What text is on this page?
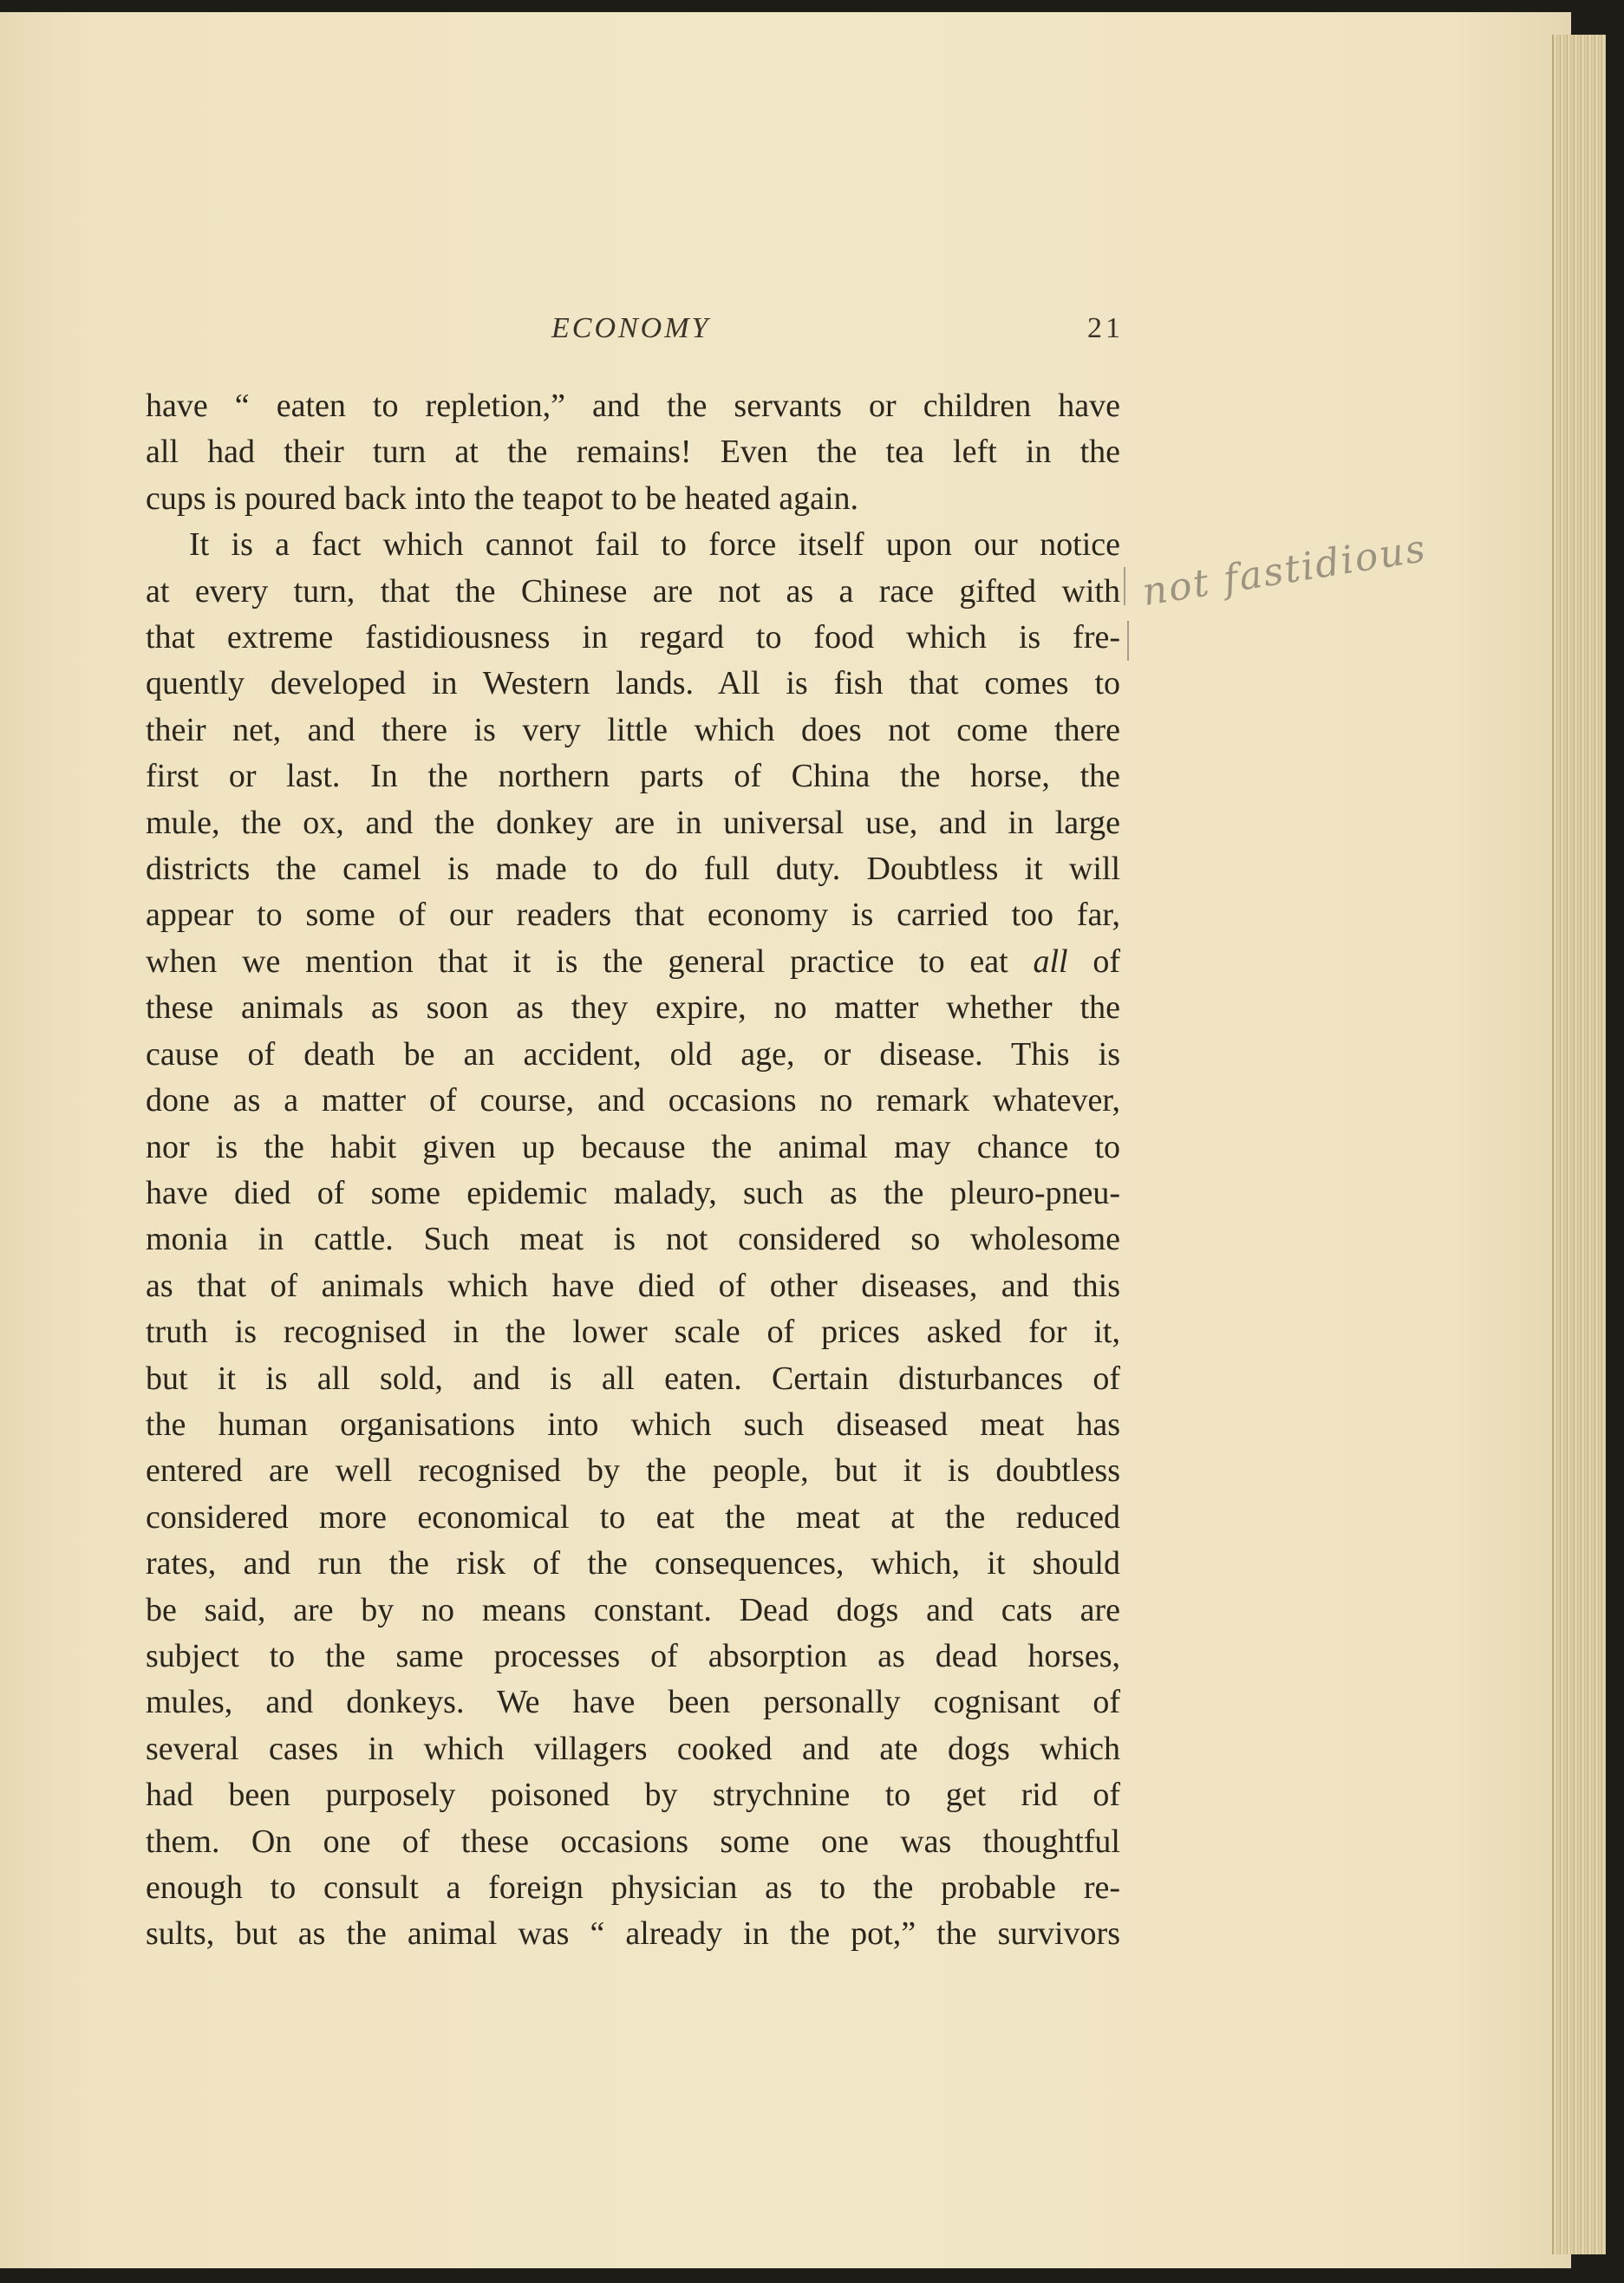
ECONOMY	21
have “ eaten to repletion,” and the servants or children have
all had their turn at the remains! Even the tea left in the
cups is poured back into the teapot to be heated again.
It is a fact which cannot fail to force itself upon our notice
at every turn, that the Chinese are not as a race gifted with
that extreme fastidiousness in regard to food which is fre-
quently developed in Western lands. All is fish that comes to
their net, and there is very little which does not come there
first or last. In the northern parts of China the horse, the
mule, the ox, and the donkey are in universal use, and in large
districts the camel is made to do full duty. Doubtless it will
appear to some of our readers that economy is carried too far,
when we mention that it is the general practice to eat all of
these animals as soon as they expire, no matter whether the
cause of death be an accident, old age, or disease. This is
done as a matter of course, and occasions no remark whatever,
nor is the habit given up because the animal may chance to
have died of some epidemic malady, such as the pleuro-pneu-
monia in cattle. Such meat is not considered so wholesome
as that of animals which have died of other diseases, and this
truth is recognised in the lower scale of prices asked for it,
but it is all sold, and is all eaten. Certain disturbances of
the human organisations into which such diseased meat has
entered are well recognised by the people, but it is doubtless
considered more economical to eat the meat at the reduced
rates, and run the risk of the consequences, which, it should
be said, are by no means constant. Dead dogs and cats are
subject to the same processes of absorption as dead horses,
mules, and donkeys. We have been personally cognisant of
several cases in which villagers cooked and ate dogs which
had been purposely poisoned by strychnine to get rid of
them. On one of these occasions some one was thoughtful
enough to consult a foreign physician as to the probable re-
sults, but as the animal was “ already in the pot,” the survivors
not fastidious
